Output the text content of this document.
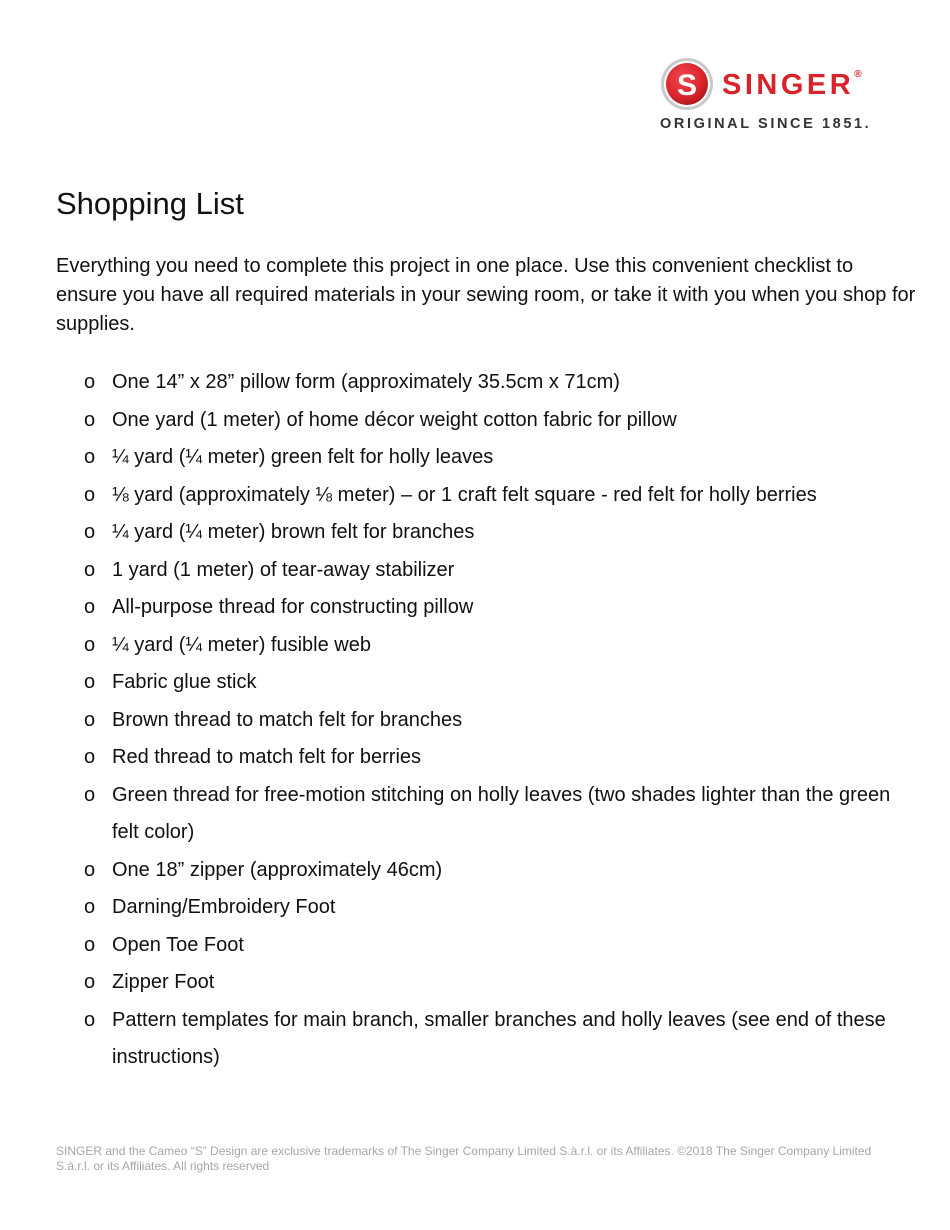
S SINGER®
ORIGINAL SINCE 1851.
Shopping List

Everything you need to complete this project in one place. Use this convenient checklist to ensure you have all required materials in your sewing room, or take it with you when you shop for supplies.

o One 14” x 28” pillow form (approximately 35.5cm x 71cm)
o One yard (1 meter) of home décor weight cotton fabric for pillow
o ¼ yard (¼ meter) green felt for holly leaves
o ⅛ yard (approximately ⅛ meter) – or 1 craft felt square - red felt for holly berries
o ¼ yard (¼ meter) brown felt for branches
o 1 yard (1 meter) of tear-away stabilizer
o All-purpose thread for constructing pillow
o ¼ yard (¼ meter) fusible web
o Fabric glue stick
o Brown thread to match felt for branches
o Red thread to match felt for berries
o Green thread for free-motion stitching on holly leaves (two shades lighter than the green felt color)
o One 18” zipper (approximately 46cm)
o Darning/Embroidery Foot
o Open Toe Foot
o Zipper Foot
o Pattern templates for main branch, smaller branches and holly leaves (see end of these instructions)

SINGER and the Cameo “S” Design are exclusive trademarks of The Singer Company Limited S.à.r.l. or its Affiliates. ©2018 The Singer Company Limited S.à.r.l. or its Affiliates. All rights reserved
